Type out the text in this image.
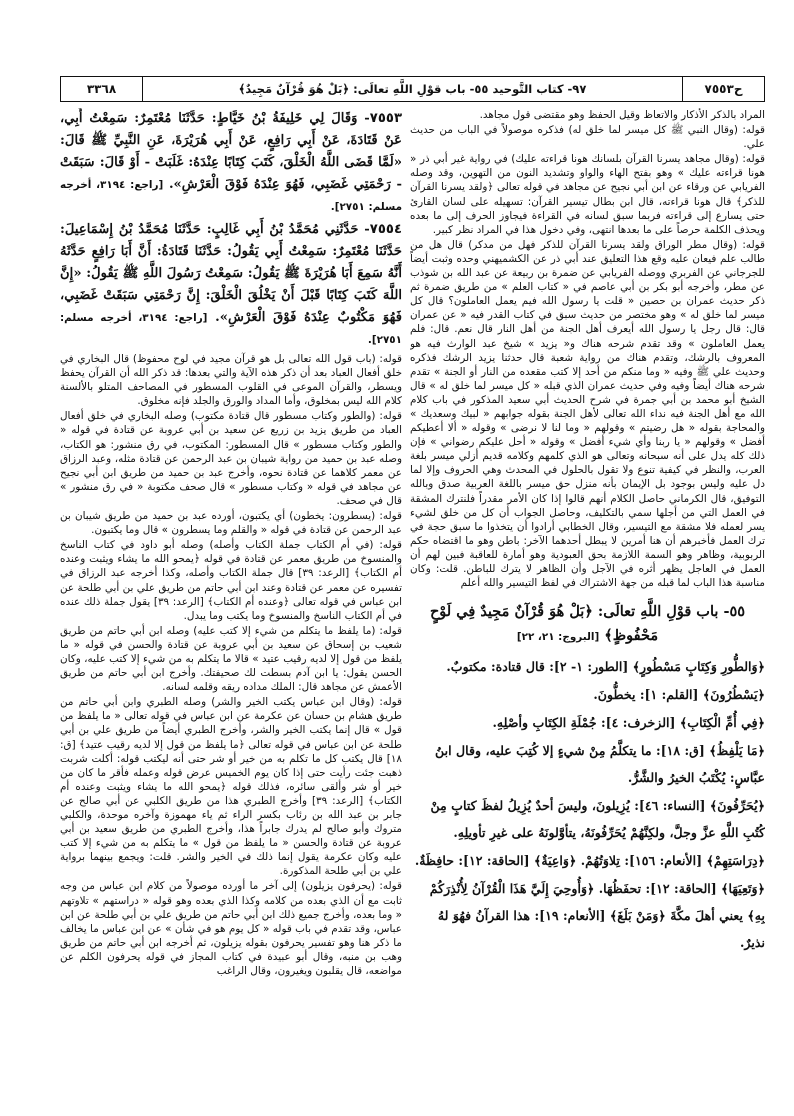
ح٧٥٥٣
٩٧- كتاب التَّوحيد ٥٥- باب قوْلِ اللَّهِ تعالَى: ﴿بَلْ هُوَ قُرْآنٌ مَجِيدٌ﴾
٣٣٦٨

المراد بالذكر الأذكار والاتعاظ وقيل الحفظ وهو مقتضى قول مجاهد.

قوله: (وقال النبي ﷺ كل ميسر لما خلق له) فذكره موصولاً في الباب من حديث علي.

قوله: (وقال مجاهد يسرنا القرآن بلسانك هونا قراءته عليك) في رواية غير أبي ذر « هونا قراءته عليك » وهو بفتح الهاء والواو وتشديد النون من التهوين، وقد وصله الفريابي عن ورقاء عن ابن أبي نجيح عن مجاهد في قوله تعالى ﴿ولقد يسرنا القرآن للذكر﴾ قال هونا قراءته، قال ابن بطال تيسير القرآن: تسهيله على لسان القارئ حتى يسارع إلى قراءته فربما سبق لسانه في القراءة فيجاوز الحرف إلى ما بعده ويحذف الكلمة حرصاً على ما بعدها انتهى، وفي دخول هذا في المراد نظر كبير.

قوله: (وقال مطر الوراق ولقد يسرنا القرآن للذكر فهل من مدكر) قال هل من طالب علم فيعان عليه وقع هذا التعليق عند أبي ذر عن الكشميهني وحده وثبت أيضاً للجرجاني عن الفربري ووصله الفريابي عن ضمرة بن ربيعة عن عبد الله بن شوذب عن مطر، وأخرجه أبو بكر بن أبي عاصم في « كتاب العلم » من طريق ضمرة ثم ذكر حديث عمران بن حصين « قلت يا رسول الله فيم يعمل العاملون؟ قال كل ميسر لما خلق له » وهو مختصر من حديث سبق في كتاب القدر فيه « عن عمران قال: قال رجل يا رسول الله أيعرف أهل الجنة من أهل النار قال نعم. قال: فلم يعمل العاملون » وقد تقدم شرحه هناك و« يزيد » شيخ عبد الوارث فيه هو المعروف بالرشك، وتقدم هناك من رواية شعبة قال حدثنا يزيد الرشك فذكره وحديث علي ﷺ وفيه « وما منكم من أحد إلا كتب مقعده من النار أو الجنة » تقدم شرحه هناك أيضاً وفيه وفي حديث عمران الذي قبله « كل ميسر لما خلق له » قال الشيخ أبو محمد بن أبي جمرة في شرح الحديث أبي سعيد المذكور في باب كلام الله مع أهل الجنة فيه نداء الله تعالى لأهل الجنة بقوله جوابهم « لبيك وسعديك » والمحاجة بقوله « هل رضيتم » وقولهم « وما لنا لا نرضى » وقوله « ألا أعطيكم أفضل » وقولهم « يا ربنا وأي شيء أفضل » وقوله « أحل عليكم رضواني » فإن ذلك كله يدل على أنه سبحانه وتعالى هو الذي كلمهم وكلامه قديم أزلي ميسر بلغة العرب، والنظر في كيفية تنوع ولا تقول بالحلول في المحدث وهي الحروف وإلا لما دل عليه وليس بوجود بل الإيمان بأنه منزل حق ميسر باللغة العربية صدق وبالله التوفيق، قال الكرماني حاصل الكلام أنهم قالوا إذا كان الأمر مقدراً فلنترك المشقة في العمل التي من أجلها سمي بالتكليف، وحاصل الجواب أن كل من خلق لشيء يسر لعمله فلا مشقة مع التيسير، وقال الخطابي أرادوا أن يتخذوا ما سبق حجة في ترك العمل فأخبرهم أن هنا أمرين لا يبطل أحدهما الآخر: باطن وهو ما اقتضاه حكم الربوبية، وظاهر وهو السمة اللازمة بحق العبودية وهو أمارة للعاقبة فبين لهم أن العمل في العاجل يظهر أثره في الآجل وأن الظاهر لا يترك للباطن. قلت: وكان مناسبة هذا الباب لما قبله من جهة الاشتراك في لفظ التيسير والله أعلم

٥٥- باب قوْلِ اللَّهِ تعالَى: ﴿بَلْ هُوَ قُرْآنٌ مَجِيدٌ فِي لَوْحٍ مَحْفُوظٍ﴾ [البروج: ٢١، ٢٢]

﴿وَالطُّورِ وَكِتَابٍ مَسْطُورٍ﴾ [الطور: ١- ٢]: قال قتادة: مكتوبٌ.

﴿يَسْطُرُونَ﴾ [القلم: ١]: يخطُّونَ.

﴿فِي أُمِّ الْكِتَابِ﴾ [الزخرف: ٤]: جُمْلَةِ الكِتَابِ وأصْلِهِ.

﴿مَا يَلْفِظُ﴾ [ق: ١٨]: ما يتكلَّمُ مِنْ شيءٍ إلا كُتِبَ عليه، وقال ابنُ عبَّاسٍ: يُكْتَبُ الخيرُ والشَّرُّ.

﴿يُحَرِّفُونَ﴾ [النساء: ٤٦]: يُزِيلونَ، وليسَ أحدٌ يُزِيلُ لفظَ كتابٍ مِنْ كُتُبِ اللَّهِ عزَّ وجلَّ، ولكِنَّهُمْ يُحَرِّفُونَهُ، يتأوَّلونَهُ على غيرِ تأويلِهِ.

﴿دِرَاسَتِهِمْ﴾ [الأنعام: ١٥٦]: تِلاوَتُهُمْ. ﴿وَاعِيَةٌ﴾ [الحاقة: ١٢]: حافِظَةٌ.

﴿وَتَعِيَهَا﴾ [الحاقة: ١٢]: تحفَظُهَا. ﴿وَأُوحِيَ إِلَيَّ هَذَا الْقُرْآنُ لِأُنْذِرَكُمْ بِهِ﴾ يعني أهلَ مكَّةَ ﴿وَمَنْ بَلَغَ﴾ [الأنعام: ١٩]: هذا القرآنُ فهُوَ لهُ نذيرٌ.

٧٥٥٣- وَقَالَ لِي خَلِيفَةُ بْنُ خَيَّاطٍ: حَدَّثَنَا مُعْتَمِرٌ: سَمِعْتُ أَبِي، عَنْ قَتَادَةَ، عَنْ أَبِي رَافِعٍ، عَنْ أَبِي هُرَيْرَةَ، عَنِ النَّبِيِّ ﷺ قَالَ: «لَمَّا قَضَى اللَّهُ الْخَلْقَ، كَتَبَ كِتَابًا عِنْدَهُ: غَلَبَتْ - أَوْ قَالَ: سَبَقَتْ - رَحْمَتِي غَضَبِي، فَهُوَ عِنْدَهُ فَوْقَ الْعَرْشِ». [راجع: ٣١٩٤، أخرجه مسلم: ٢٧٥١].

٧٥٥٤- حَدَّثَنِي مُحَمَّدُ بْنُ أَبِي غَالِبٍ: حَدَّثَنَا مُحَمَّدُ بْنُ إِسْمَاعِيلَ: حَدَّثَنَا مُعْتَمِرٌ: سَمِعْتُ أَبِي يَقُولُ: حَدَّثَنَا قَتَادَةُ: أَنَّ أَبَا رَافِعٍ حَدَّثَهُ أَنَّهُ سَمِعَ أَبَا هُرَيْرَةَ ﷺ يَقُولُ: سَمِعْتُ رَسُولَ اللَّهِ ﷺ يَقُولُ: «إِنَّ اللَّهَ كَتَبَ كِتَابًا قَبْلَ أَنْ يَخْلُقَ الْخَلْقَ: إِنَّ رَحْمَتِي سَبَقَتْ غَضَبِي، فَهُوَ مَكْتُوبٌ عِنْدَهُ فَوْقَ الْعَرْشِ». [راجع: ٣١٩٤، أخرجه مسلم: ٢٧٥١].

قوله: (باب قول الله تعالى بل هو قرآن مجيد في لوح محفوظ) قال البخاري في خلق أفعال العباد بعد أن ذكر هذه الآية والتي بعدها: قد ذكر الله أن القرآن يحفظ ويسطر، والقرآن الموعى في القلوب المسطور في المصاحف المتلو بالألسنة كلام الله ليس بمخلوق، وأما المداد والورق والجلد فإنه مخلوق.

قوله: (والطور وكتاب مسطور قال قتادة مكتوب) وصله البخاري في خلق أفعال العباد من طريق يزيد بن زريع عن سعيد بن أبي عروبة عن قتادة في قوله « والطور وكتاب مسطور » قال المسطور: المكتوب، في رق منشور: هو الكتاب، وصله عبد بن حميد من رواية شيبان بن عبد الرحمن عن قتادة مثله، وعبد الرزاق عن معمر كلاهما عن قتادة نحوه، وأخرج عبد بن حميد من طريق ابن أبي نجيح عن مجاهد في قوله « وكتاب مسطور » قال صحف مكتوبة « في رق منشور » قال في صحف.

قوله: (يسطرون: يخطون) أي يكتبون، أورده عبد بن حميد من طريق شيبان بن عبد الرحمن عن قتادة في قوله « والقلم وما يسطرون » قال وما يكتبون.

قوله: (في أم الكتاب جملة الكتاب وأصله) وصله أبو داود في كتاب الناسخ والمنسوخ من طريق معمر عن قتادة في قوله ﴿يمحو الله ما يشاء ويثبت وعنده أم الكتاب﴾ [الرعد: ٣٩] قال جملة الكتاب وأصله، وكذا أخرجه عبد الرزاق في تفسيره عن معمر عن قتادة وعند ابن أبي حاتم من طريق علي بن أبي طلحة عن ابن عباس في قوله تعالى ﴿وعنده أم الكتاب﴾ [الرعد: ٣٩] يقول جملة ذلك عنده في أم الكتاب الناسخ والمنسوخ وما يكتب وما يبدل.

قوله: (ما يلفظ ما يتكلم من شيء إلا كتب عليه) وصله ابن أبي حاتم من طريق شعيب بن إسحاق عن سعيد بن أبي عروبة عن قتادة والحسن في قوله « ما يلفظ من قول إلا لديه رقيب عتيد » قالا ما يتكلم به من شيء إلا كتب عليه، وكان الحسن يقول: يا ابن آدم بسطت لك صحيفتك. وأخرج ابن أبي حاتم من طريق الأعمش عن مجاهد قال: الملك مداده ريقه وقلمه لسانه.

قوله: (وقال ابن عباس يكتب الخير والشر) وصله الطبري وابن أبي حاتم من طريق هشام بن حسان عن عكرمة عن ابن عباس في قوله تعالى « ما يلفظ من قول » قال إنما يكتب الخير والشر، وأخرج الطبري أيضاً من طريق علي بن أبي طلحة عن ابن عباس في قوله تعالى ﴿ما يلفظ من قول إلا لديه رقيب عتيد﴾ [ق: ١٨] قال يكتب كل ما تكلم به من خير أو شر حتى أنه ليكتب قوله: أكلت شربت ذهبت جئت رأيت حتى إذا كان يوم الخميس عرض قوله وعمله فأقر ما كان من خير أو شر وألقى سائره، فذلك قوله ﴿يمحو الله ما يشاء ويثبت وعنده أم الكتاب﴾ [الرعد: ٣٩] وأخرج الطبري هذا من طريق الكلبي عن أبي صالح عن جابر بن عبد الله بن رئاب بكسر الراء ثم ياء مهموزة وآخره موحدة، والكلبي متروك وأبو صالح لم يدرك جابراً هذا، وأخرج الطبري من طريق سعيد بن أبي عروبة عن قتادة والحسن « ما يلفظ من قول » ما يتكلم به من شيء إلا كتب عليه وكان عكرمة يقول إنما ذلك في الخير والشر. قلت: ويجمع بينهما برواية علي بن أبي طلحة المذكورة.

قوله: (يحرفون يزيلون) إلى آخر ما أورده موصولاً من كلام ابن عباس من وجه ثابت مع أن الذي بعده من كلامه وكذا الذي بعده وهو قوله « دراستهم » تلاوتهم « وما بعده، وأخرج جميع ذلك ابن أبي حاتم من طريق علي بن أبي طلحة عن ابن عباس، وقد تقدم في باب قوله « كل يوم هو في شأن » عن ابن عباس ما يخالف ما ذكر هنا وهو تفسير يحرفون بقوله يزيلون، ثم أخرجه ابن أبي حاتم من طريق وهب بن منبه، وقال أبو عبيدة في كتاب المجاز في قوله يحرفون الكلم عن مواضعه، قال يقلبون ويغيرون، وقال الراغب
